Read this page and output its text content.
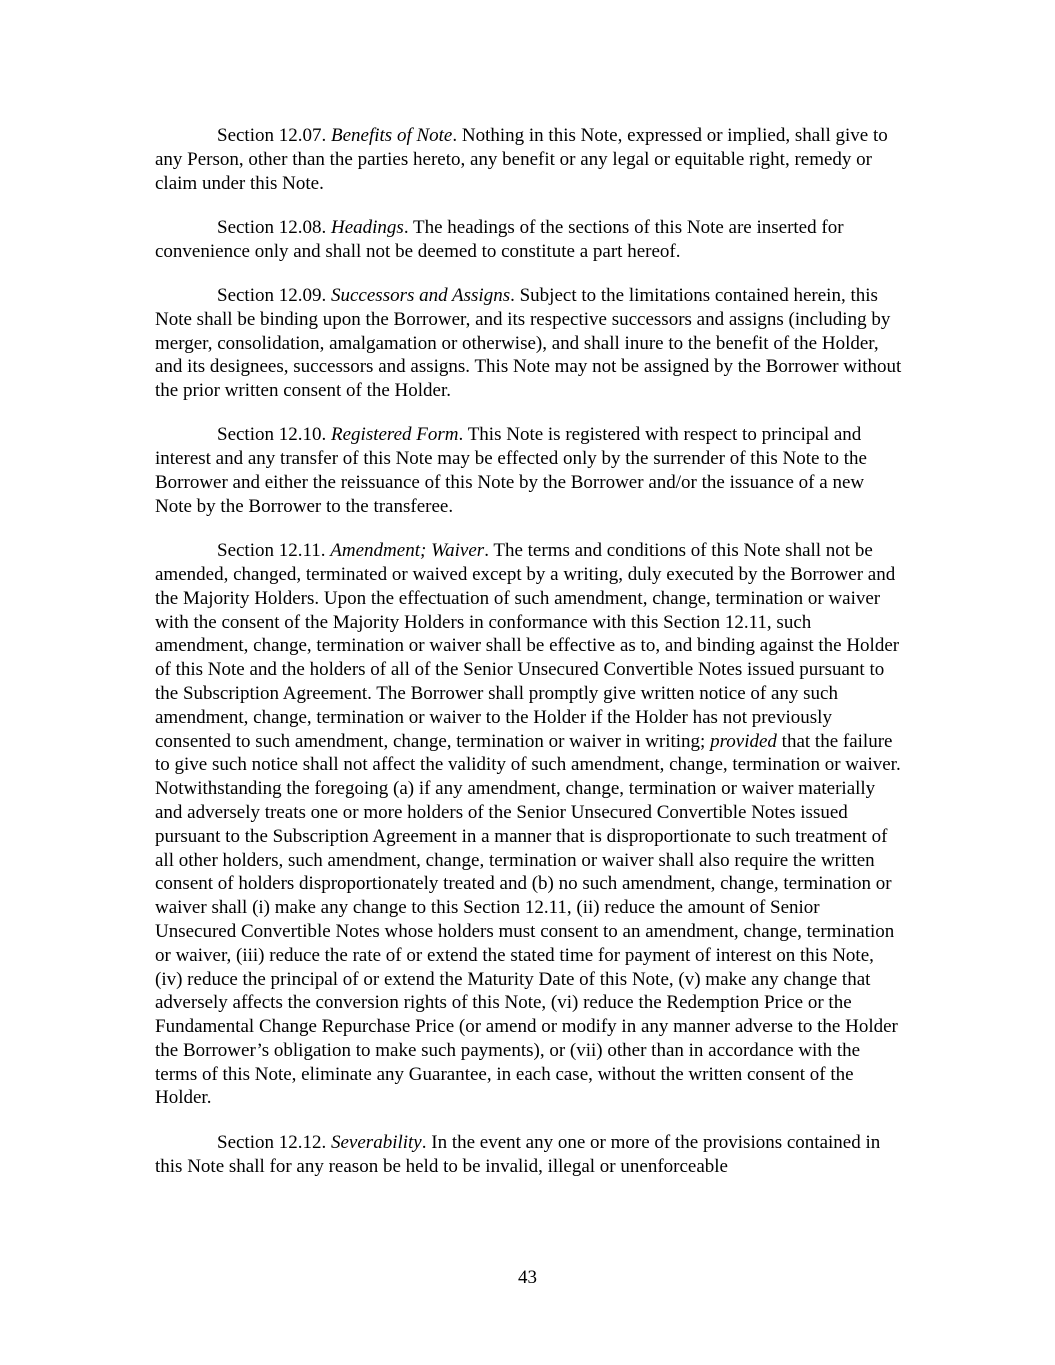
Section 12.07. Benefits of Note. Nothing in this Note, expressed or implied, shall give to any Person, other than the parties hereto, any benefit or any legal or equitable right, remedy or claim under this Note.

Section 12.08. Headings. The headings of the sections of this Note are inserted for convenience only and shall not be deemed to constitute a part hereof.

Section 12.09. Successors and Assigns. Subject to the limitations contained herein, this Note shall be binding upon the Borrower, and its respective successors and assigns (including by merger, consolidation, amalgamation or otherwise), and shall inure to the benefit of the Holder, and its designees, successors and assigns. This Note may not be assigned by the Borrower without the prior written consent of the Holder.

Section 12.10. Registered Form. This Note is registered with respect to principal and interest and any transfer of this Note may be effected only by the surrender of this Note to the Borrower and either the reissuance of this Note by the Borrower and/or the issuance of a new Note by the Borrower to the transferee.

Section 12.11. Amendment; Waiver. The terms and conditions of this Note shall not be amended, changed, terminated or waived except by a writing, duly executed by the Borrower and the Majority Holders. Upon the effectuation of such amendment, change, termination or waiver with the consent of the Majority Holders in conformance with this Section 12.11, such amendment, change, termination or waiver shall be effective as to, and binding against the Holder of this Note and the holders of all of the Senior Unsecured Convertible Notes issued pursuant to the Subscription Agreement. The Borrower shall promptly give written notice of any such amendment, change, termination or waiver to the Holder if the Holder has not previously consented to such amendment, change, termination or waiver in writing; provided that the failure to give such notice shall not affect the validity of such amendment, change, termination or waiver. Notwithstanding the foregoing (a) if any amendment, change, termination or waiver materially and adversely treats one or more holders of the Senior Unsecured Convertible Notes issued pursuant to the Subscription Agreement in a manner that is disproportionate to such treatment of all other holders, such amendment, change, termination or waiver shall also require the written consent of holders disproportionately treated and (b) no such amendment, change, termination or waiver shall (i) make any change to this Section 12.11, (ii) reduce the amount of Senior Unsecured Convertible Notes whose holders must consent to an amendment, change, termination or waiver, (iii) reduce the rate of or extend the stated time for payment of interest on this Note, (iv) reduce the principal of or extend the Maturity Date of this Note, (v) make any change that adversely affects the conversion rights of this Note, (vi) reduce the Redemption Price or the Fundamental Change Repurchase Price (or amend or modify in any manner adverse to the Holder the Borrower’s obligation to make such payments), or (vii) other than in accordance with the terms of this Note, eliminate any Guarantee, in each case, without the written consent of the Holder.

Section 12.12. Severability. In the event any one or more of the provisions contained in this Note shall for any reason be held to be invalid, illegal or unenforceable

43
